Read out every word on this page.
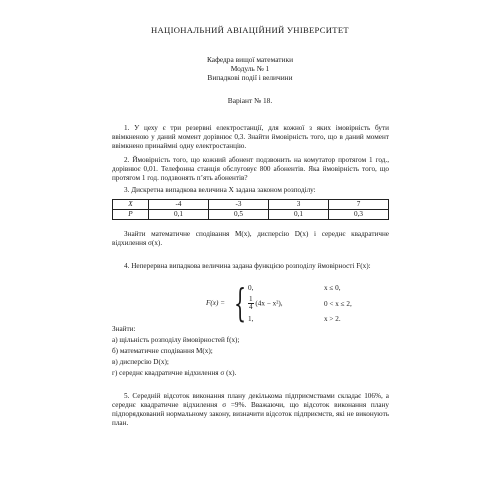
НАЦІОНАЛЬНИЙ АВІАЦІЙНИЙ УНІВЕРСИТЕТ
Кафедра вищої математики
Модуль № 1
Випадкові події і величини
Варіант № 18.

1. У цеху є три резервні електростанції, для кожної з яких імовірність бути ввімкненою у даний момент дорівнює 0,3. Знайти ймовірність того, що в даний момент ввімкнено принаймні одну електростанцію.

2. Ймовірність того, що кожний абонент подзвонить на комутатор протягом 1 год., дорівнює 0,01. Телефонна станція обслуговує 800 абонентів. Яка ймовірність того, що протягом 1 год. подзвонять п’ять абонентів?

3. Дискретна випадкова величина X задана законом розподілу:

X	-4	-3	3	7
P	0,1	0,5	0,1	0,3

Знайти математичне сподівання M(x), дисперсію D(x) і середнє квадратичне відхилення σ(x).

4. Неперервна випадкова величина задана функцією розподілу ймовірності F(x):

F(x) = { 0,	x ≤ 0,
$\frac{1}{4} (4x - x^2)$,	0 < x ≤ 2,
1,	x > 2.
Знайти:
а) щільність розподілу ймовірностей f(x);
б) математичне сподівання M(x);
в) дисперсію D(x);
г) середнє квадратичне відхилення σ (x).

5. Середній відсоток виконання плану декількома підприємствами складає 106%, а середнє квадратичне відхилення σ =9%. Вважаючи, що відсоток виконання плану підпорядкований нормальному закону, визначити відсоток підприємств, які не виконують план.
